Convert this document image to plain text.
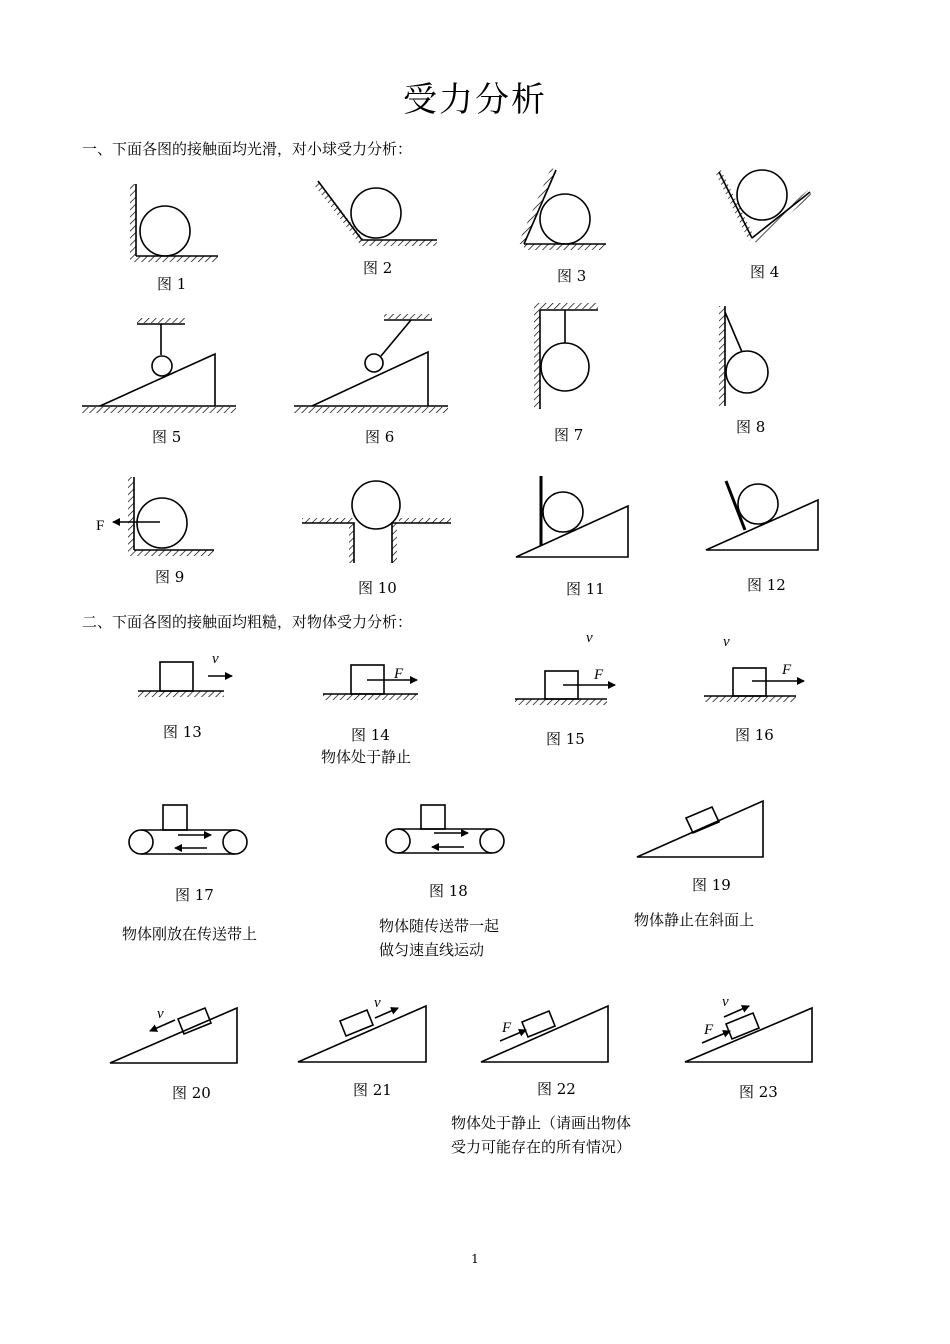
受力分析
一、下面各图的接触面均光滑，对小球受力分析：
二、下面各图的接触面均粗糙，对物体受力分析：
F
v
F
v
F
v
F
v
v
F
v
F
图 1
图 2	图 3	图 4
图 5	图 6	图 7	图 8
图 9
图 10	图 11	图 12
图 13	图 14	图 15	图 16
图 17	图 18	图 19
图 20	图 21	图 22	图 23
物体处于静止
物体刚放在传送带上	物体随传送带一起
做匀速直线运动
物体静止在斜面上
物体处于静止（请画出物体
受力可能存在的所有情况）
1
